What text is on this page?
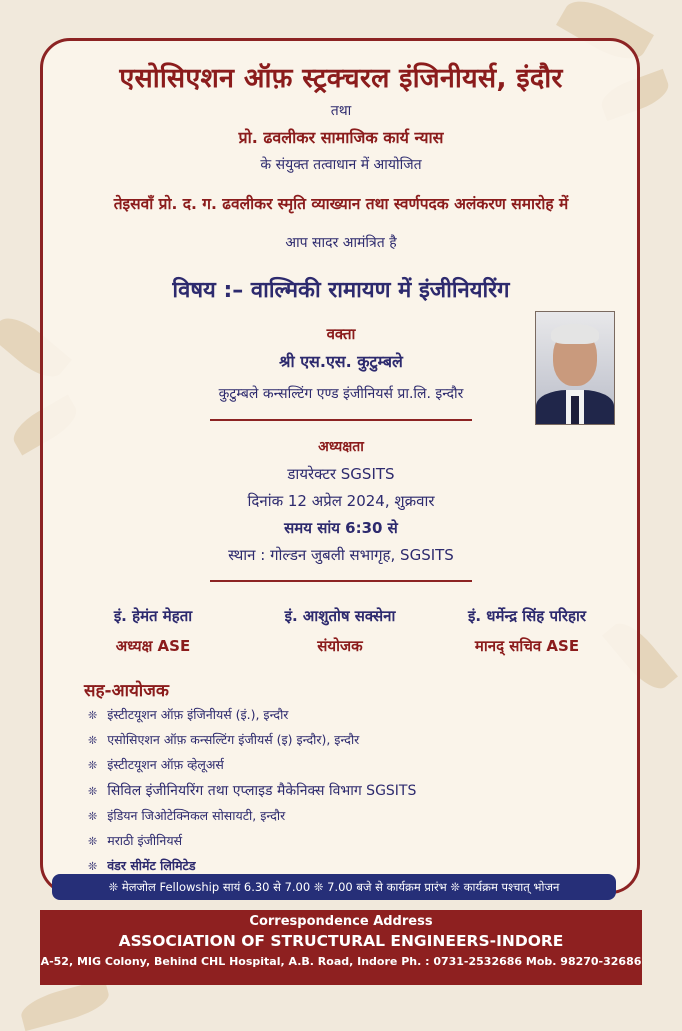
एसोसिएशन ऑफ़ स्ट्रक्चरल इंजिनीयर्स, इंदौर
तथा
प्रो. ढवलीकर सामाजिक कार्य न्यास
के संयुक्त तत्वाधान में आयोजित
तेइसवाँ प्रो. द. ग. ढवलीकर स्मृति व्याख्यान तथा स्वर्णपदक अलंकरण समारोह में
आप सादर आमंत्रित है
विषय :– वाल्मिकी रामायण में इंजीनियरिंग
वक्ता
श्री एस.एस. कुटुम्बले
कुटुम्बले कन्सल्टिंग एण्ड इंजीनियर्स प्रा.लि. इन्दौर
अध्यक्षता
डायरेक्टर SGSITS
दिनांक 12 अप्रेल 2024, शुक्रवार
समय सांय 6:30 से
स्थान : गोल्डन जुबली सभागृह, SGSITS
इं. हेमंत मेहता
अध्यक्ष ASE
इं. आशुतोष सक्सेना
संयोजक
इं. धर्मेन्द्र सिंह परिहार
मानद् सचिव ASE
सह-आयोजक
❊ इंस्टीटयूशन ऑफ़ इंजिनीयर्स (इं.), इन्दौर
❊ एसोसिएशन ऑफ़ कन्सल्टिंग इंजीयर्स (इ) इन्दौर), इन्दौर
❊ इंस्टीटयूशन ऑफ़ व्हेलूअर्स
❊ सिविल इंजीनियरिंग तथा एप्लाइड मैकेनिक्स विभाग SGSITS
❊ इंडियन जिओटेक्निकल सोसायटी, इन्दौर
❊ मराठी इंजीनियर्स
❊ वंडर सीमेंट लिमिटेड
❊ मेलजोल Fellowship सायं 6.30 से 7.00 ❊ 7.00 बजे से कार्यक्रम प्रारंभ ❊ कार्यक्रम पश्चात् भोजन
Correspondence Address
ASSOCIATION OF STRUCTURAL ENGINEERS-INDORE
A-52, MIG Colony, Behind CHL Hospital, A.B. Road, Indore Ph. : 0731-2532686 Mob. 98270-32686
